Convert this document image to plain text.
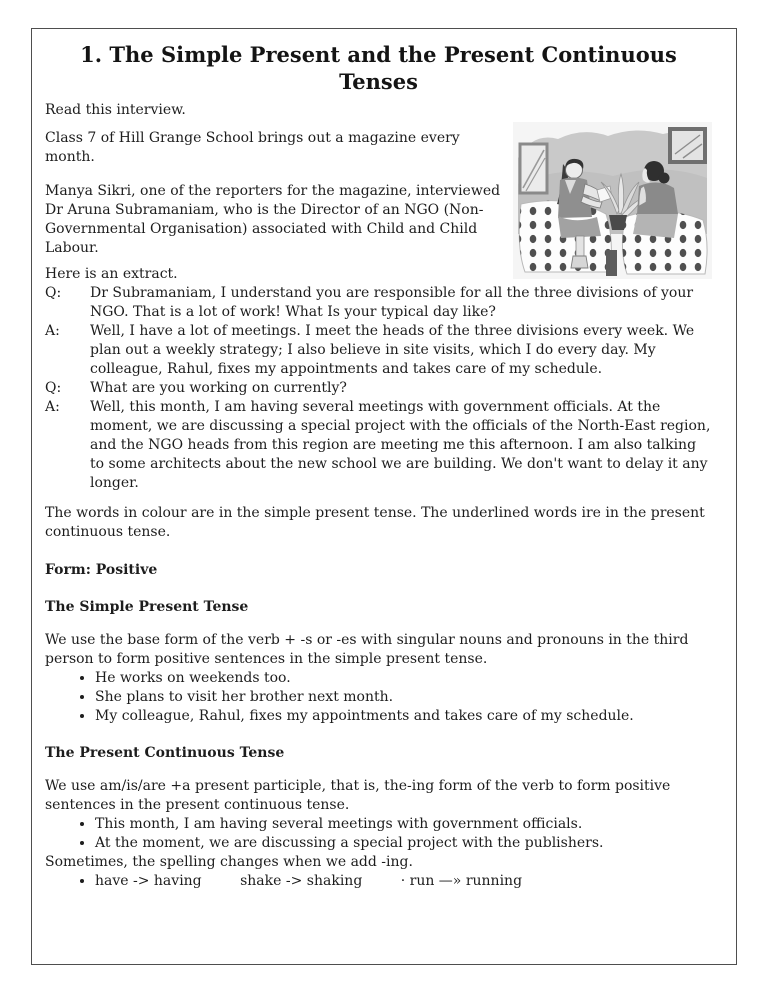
1. The Simple Present and the Present Continuous
Tenses

Read this interview.

Class 7 of Hill Grange School brings out a magazine every month.

Manya Sikri, one of the reporters for the magazine, interviewed Dr Aruna Subramaniam, who is the Director of an NGO (Non-Governmental Organisation) associated with Child and Child Labour.

Here is an extract.

Q:	Dr Subramaniam, I understand you are responsible for all the three divisions of your NGO. That is a lot of work! What Is your typical day like?
A:	Well, I have a lot of meetings. I meet the heads of the three divisions every week. We plan out a weekly strategy; I also believe in site visits, which I do every day. My colleague, Rahul, fixes my appointments and takes care of my schedule.
Q:	What are you working on currently?
A:	Well, this month, I am having several meetings with government officials. At the moment, we are discussing a special project with the officials of the North-East region, and the NGO heads from this region are meeting me this afternoon. I am also talking to some architects about the new school we are building. We don't want to delay it any longer.

The words in colour are in the simple present tense. The underlined words ire in the present continuous tense.

Form: Positive

The Simple Present Tense

We use the base form of the verb + -s or -es with singular nouns and pronouns in the third person to form positive sentences in the simple present tense.

• He works on weekends too.
• She plans to visit her brother next month.
• My colleague, Rahul, fixes my appointments and takes care of my schedule.

The Present Continuous Tense

We use am/is/are +a present participle, that is, the-ing form of the verb to form positive sentences in the present continuous tense.

• This month, I am having several meetings with government officials.
• At the moment, we are discussing a special project with the publishers.

Sometimes, the spelling changes when we add -ing.

• have -> having	shake -> shaking	· run —» running
